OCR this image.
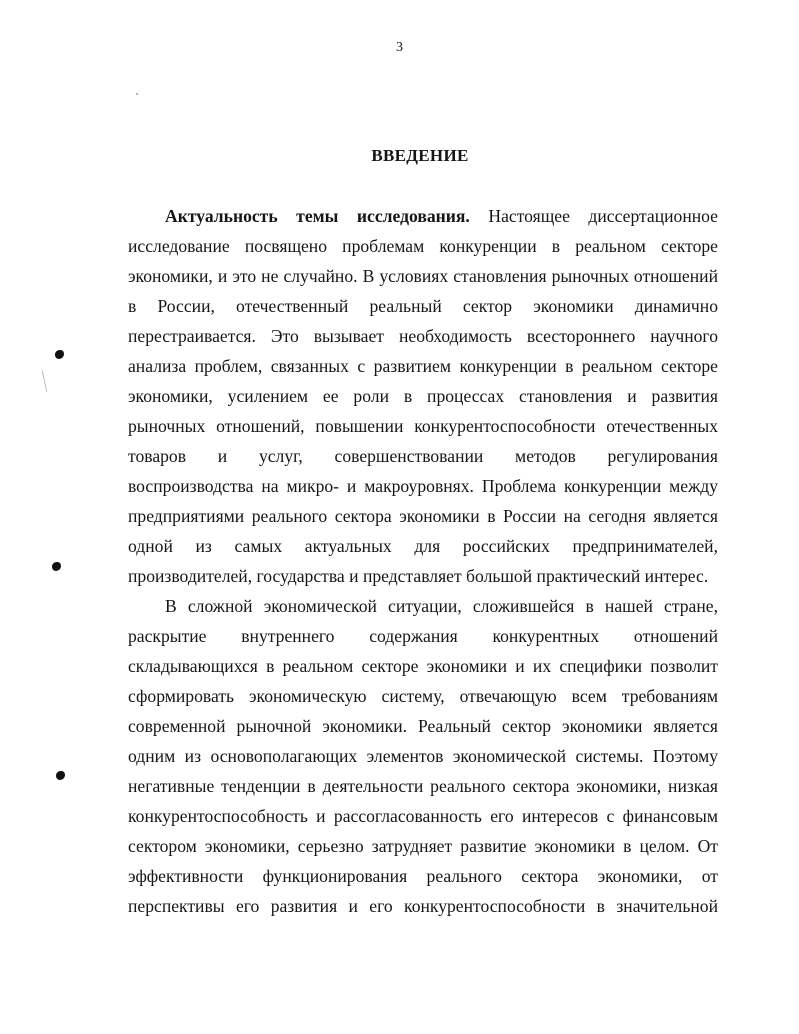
3
ВВЕДЕНИЕ
Актуальность темы исследования. Настоящее диссертационное
исследование посвящено проблемам конкуренции в реальном секторе
экономики, и это не случайно. В условиях становления рыночных отношений
в России, отечественный реальный сектор экономики динамично
перестраивается. Это вызывает необходимость всестороннего научного
анализа проблем, связанных с развитием конкуренции в реальном секторе
экономики, усилением ее роли в процессах становления и развития
рыночных отношений, повышении конкурентоспособности отечественных
товаров и услуг, совершенствовании методов регулирования
воспроизводства на микро- и макроуровнях. Проблема конкуренции между
предприятиями реального сектора экономики в России на сегодня является
одной из самых актуальных для российских предпринимателей,
производителей, государства и представляет большой практический интерес.
В сложной экономической ситуации, сложившейся в нашей стране,
раскрытие внутреннего содержания конкурентных отношений
складывающихся в реальном секторе экономики и их специфики позволит
сформировать экономическую систему, отвечающую всем требованиям
современной рыночной экономики. Реальный сектор экономики является
одним из основополагающих элементов экономической системы. Поэтому
негативные тенденции в деятельности реального сектора экономики, низкая
конкурентоспособность и рассогласованность его интересов с финансовым
сектором экономики, серьезно затрудняет развитие экономики в целом. От
эффективности функционирования реального сектора экономики, от
перспективы его развития и его конкурентоспособности в значительной
